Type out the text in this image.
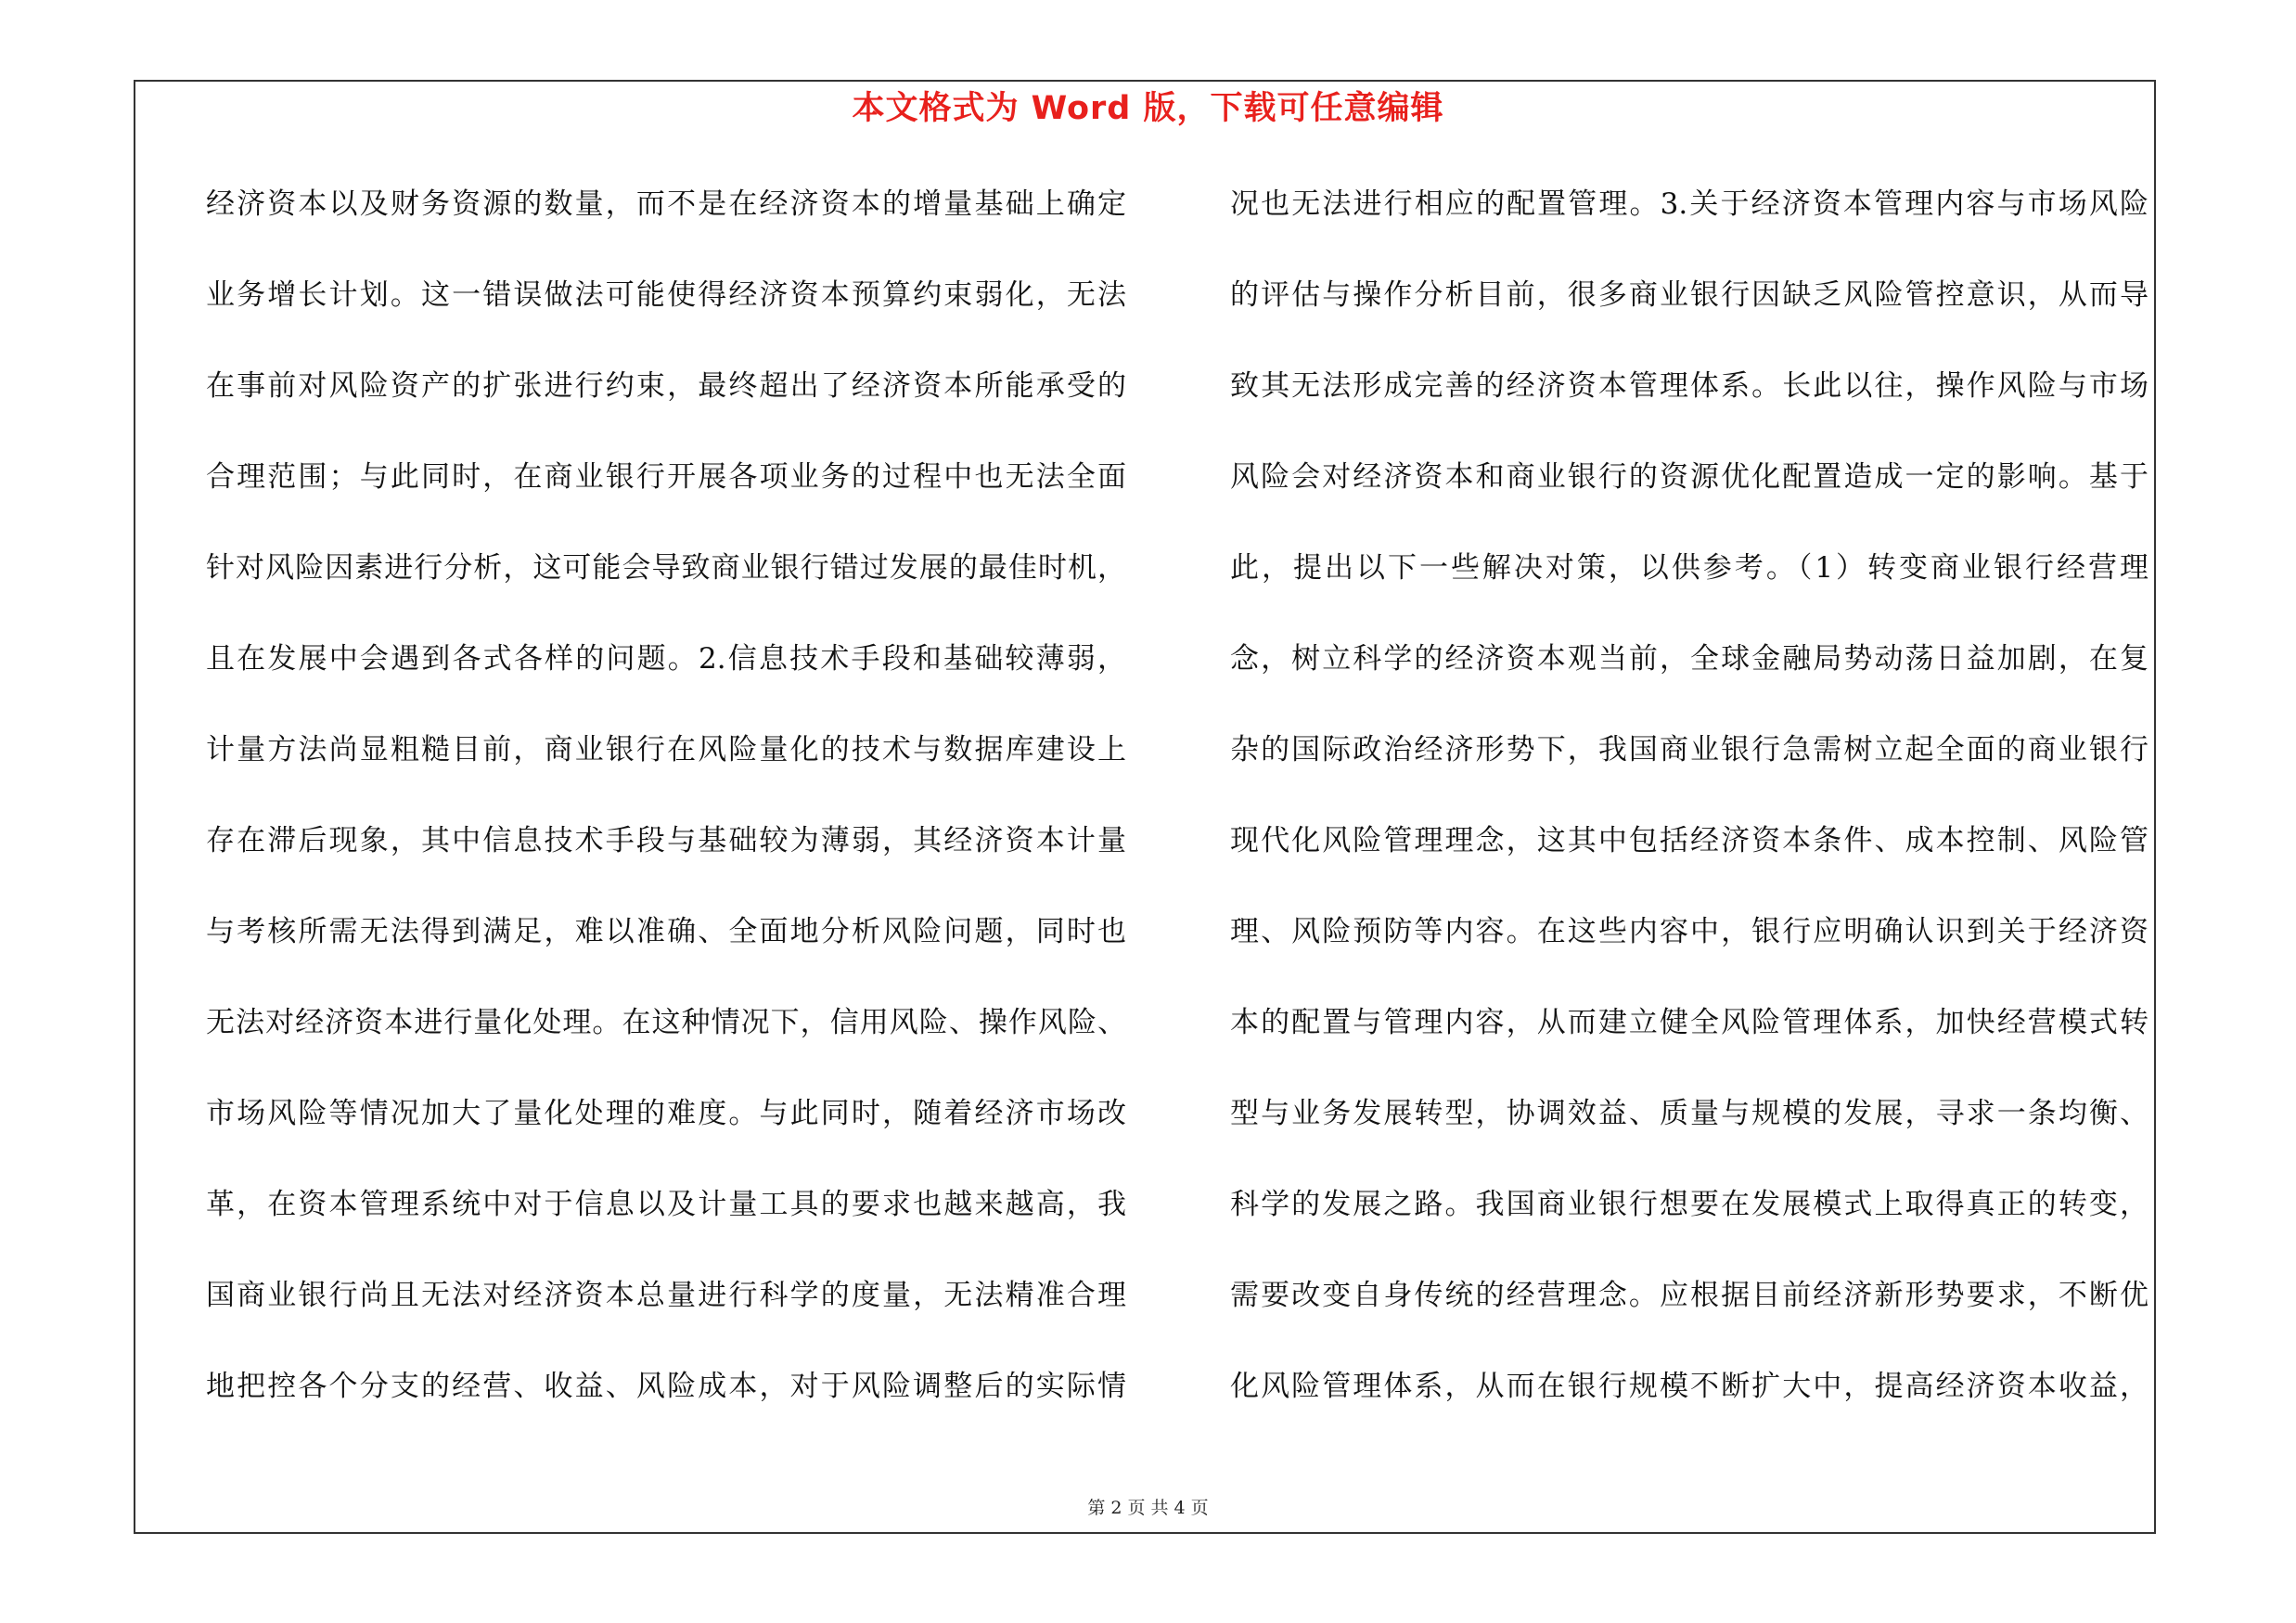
本文格式为 Word 版，下载可任意编辑
经济资本以及财务资源的数量，而不是在经济资本的增量基础上确定
业务增长计划。这一错误做法可能使得经济资本预算约束弱化，无法
在事前对风险资产的扩张进行约束，最终超出了经济资本所能承受的
合理范围；与此同时，在商业银行开展各项业务的过程中也无法全面
针对风险因素进行分析，这可能会导致商业银行错过发展的最佳时机，
且在发展中会遇到各式各样的问题。2.信息技术手段和基础较薄弱，
计量方法尚显粗糙目前，商业银行在风险量化的技术与数据库建设上
存在滞后现象，其中信息技术手段与基础较为薄弱，其经济资本计量
与考核所需无法得到满足，难以准确、全面地分析风险问题，同时也
无法对经济资本进行量化处理。在这种情况下，信用风险、操作风险、
市场风险等情况加大了量化处理的难度。与此同时，随着经济市场改
革，在资本管理系统中对于信息以及计量工具的要求也越来越高，我
国商业银行尚且无法对经济资本总量进行科学的度量，无法精准合理
地把控各个分支的经营、收益、风险成本，对于风险调整后的实际情
况也无法进行相应的配置管理。3.关于经济资本管理内容与市场风险
的评估与操作分析目前，很多商业银行因缺乏风险管控意识，从而导
致其无法形成完善的经济资本管理体系。长此以往，操作风险与市场
风险会对经济资本和商业银行的资源优化配置造成一定的影响。基于
此，提出以下一些解决对策，以供参考。（1）转变商业银行经营理
念，树立科学的经济资本观当前，全球金融局势动荡日益加剧，在复
杂的国际政治经济形势下，我国商业银行急需树立起全面的商业银行
现代化风险管理理念，这其中包括经济资本条件、成本控制、风险管
理、风险预防等内容。在这些内容中，银行应明确认识到关于经济资
本的配置与管理内容，从而建立健全风险管理体系，加快经营模式转
型与业务发展转型，协调效益、质量与规模的发展，寻求一条均衡、
科学的发展之路。我国商业银行想要在发展模式上取得真正的转变，
需要改变自身传统的经营理念。应根据目前经济新形势要求，不断优
化风险管理体系，从而在银行规模不断扩大中，提高经济资本收益，
第 2 页 共 4 页
